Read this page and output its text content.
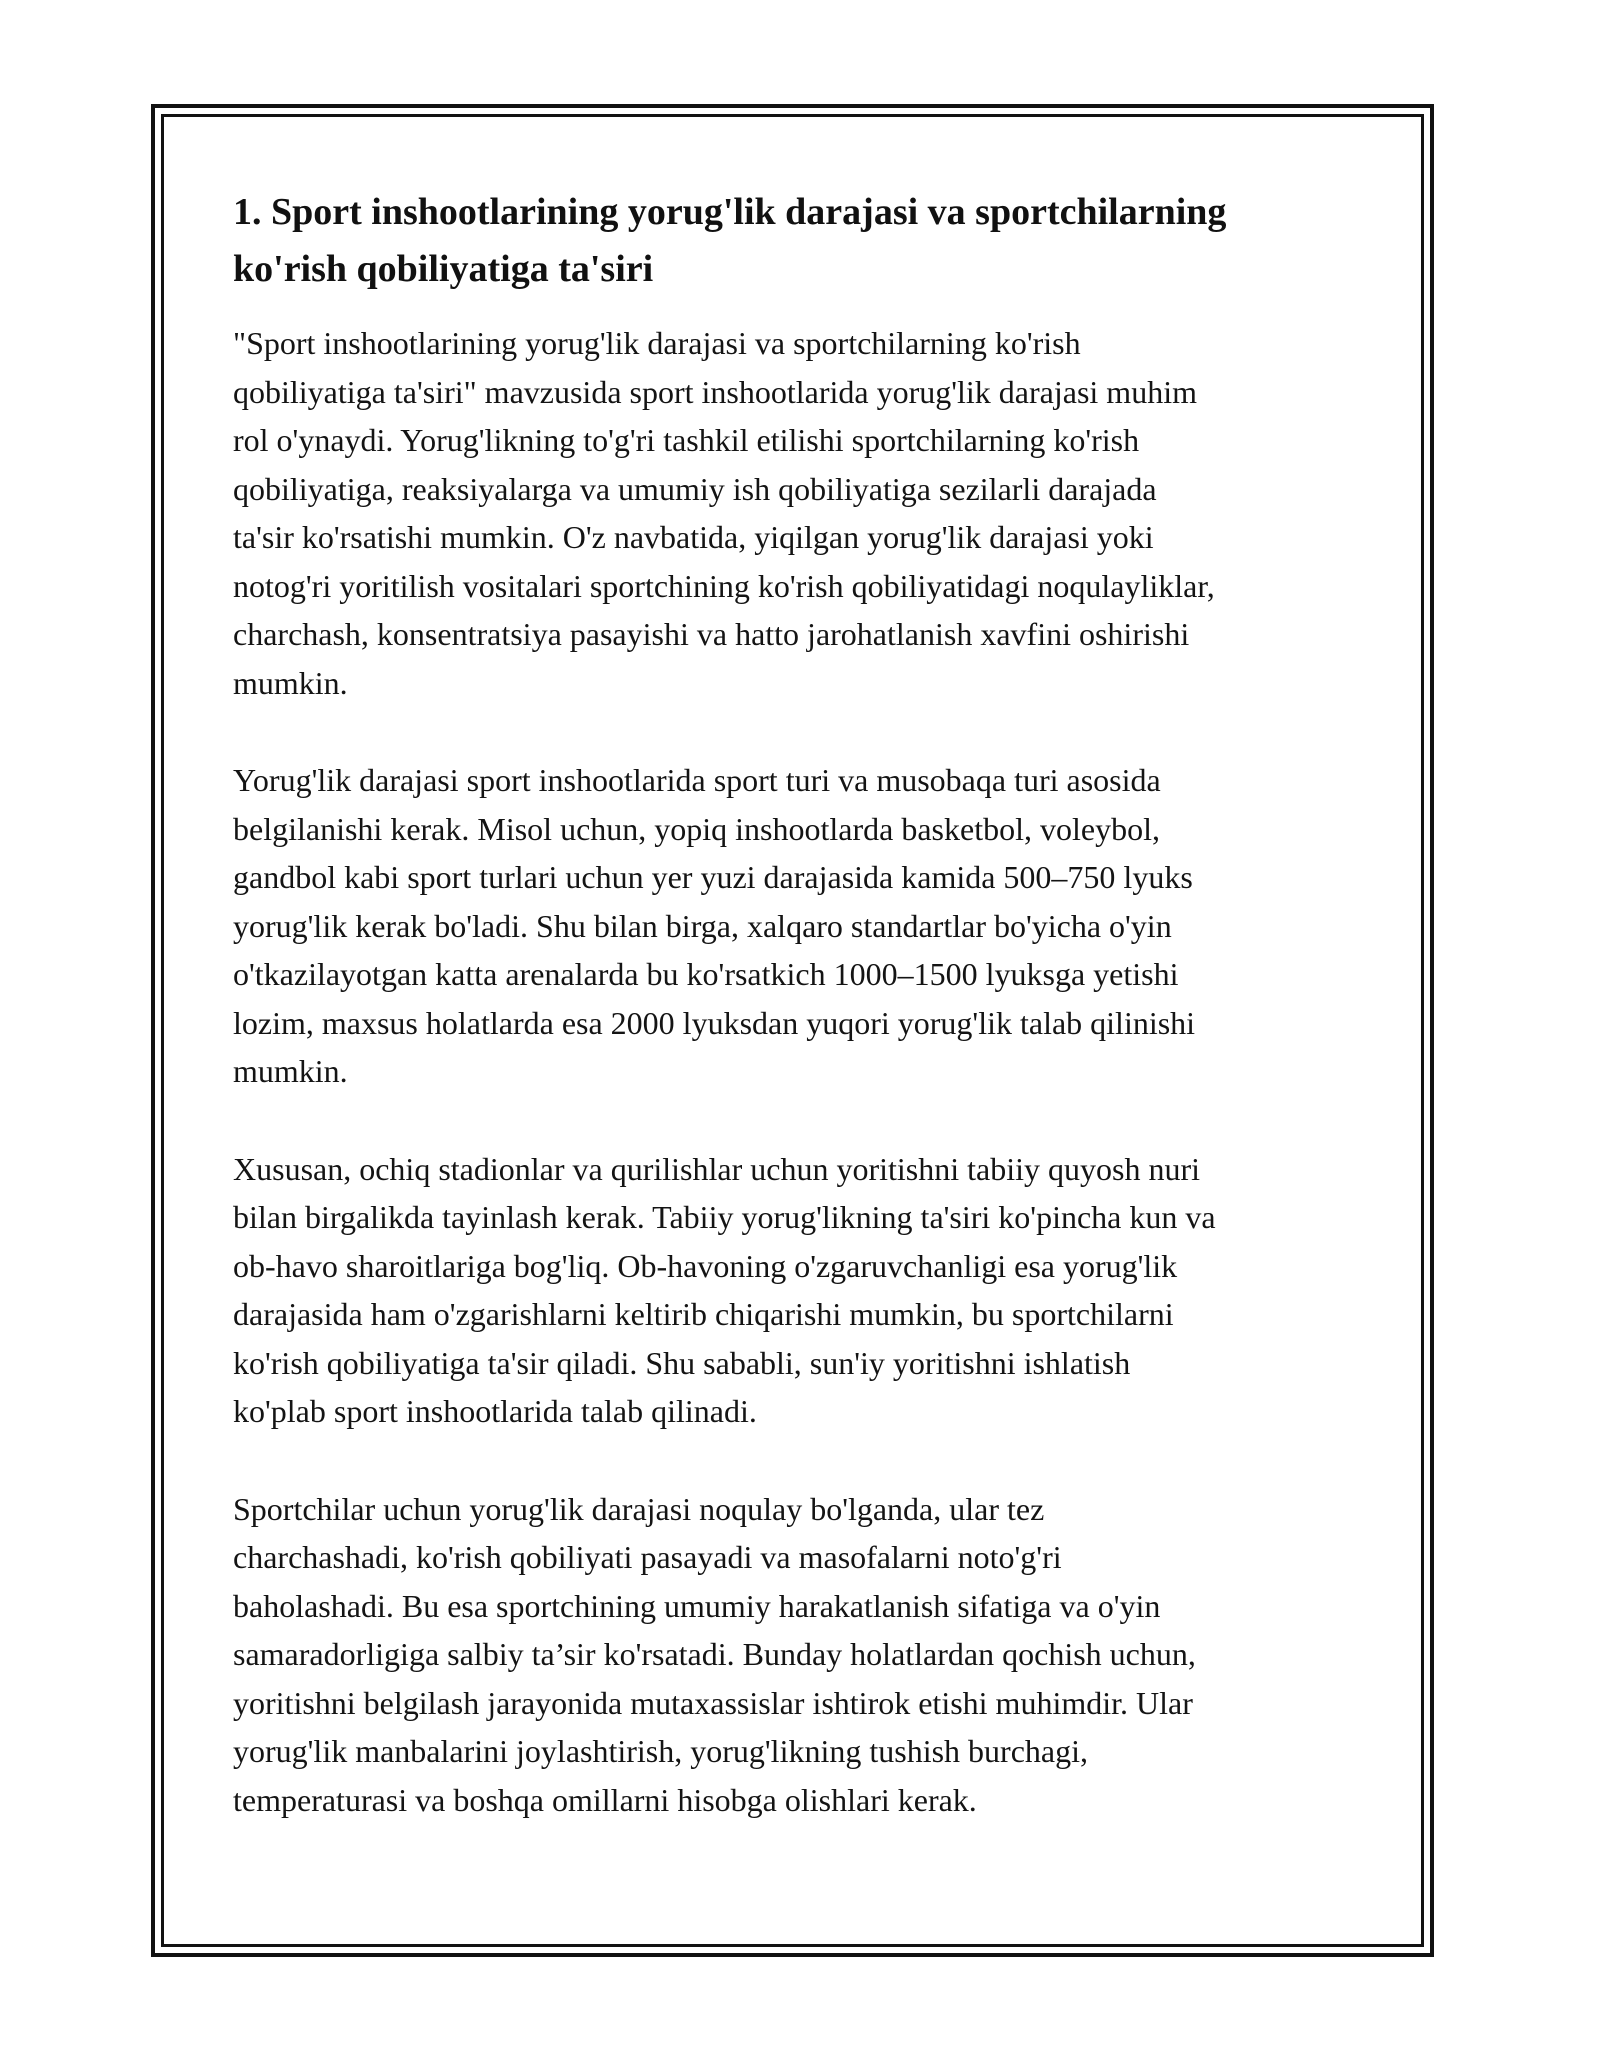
1. Sport inshootlarining yorug'lik darajasi va sportchilarning
ko'rish qobiliyatiga ta'siri

"Sport inshootlarining yorug'lik darajasi va sportchilarning ko'rish
qobiliyatiga ta'siri" mavzusida sport inshootlarida yorug'lik darajasi muhim
rol o'ynaydi. Yorug'likning to'g'ri tashkil etilishi sportchilarning ko'rish
qobiliyatiga, reaksiyalarga va umumiy ish qobiliyatiga sezilarli darajada
ta'sir ko'rsatishi mumkin. O'z navbatida, yiqilgan yorug'lik darajasi yoki
notog'ri yoritilish vositalari sportchining ko'rish qobiliyatidagi noqulayliklar,
charchash, konsentratsiya pasayishi va hatto jarohatlanish xavfini oshirishi
mumkin.

Yorug'lik darajasi sport inshootlarida sport turi va musobaqa turi asosida
belgilanishi kerak. Misol uchun, yopiq inshootlarda basketbol, voleybol,
gandbol kabi sport turlari uchun yer yuzi darajasida kamida 500–750 lyuks
yorug'lik kerak bo'ladi. Shu bilan birga, xalqaro standartlar bo'yicha o'yin
o'tkazilayotgan katta arenalarda bu ko'rsatkich 1000–1500 lyuksga yetishi
lozim, maxsus holatlarda esa 2000 lyuksdan yuqori yorug'lik talab qilinishi
mumkin.

Xususan, ochiq stadionlar va qurilishlar uchun yoritishni tabiiy quyosh nuri
bilan birgalikda tayinlash kerak. Tabiiy yorug'likning ta'siri ko'pincha kun va
ob-havo sharoitlariga bog'liq. Ob-havoning o'zgaruvchanligi esa yorug'lik
darajasida ham o'zgarishlarni keltirib chiqarishi mumkin, bu sportchilarni
ko'rish qobiliyatiga ta'sir qiladi. Shu sababli, sun'iy yoritishni ishlatish
ko'plab sport inshootlarida talab qilinadi.

Sportchilar uchun yorug'lik darajasi noqulay bo'lganda, ular tez
charchashadi, ko'rish qobiliyati pasayadi va masofalarni noto'g'ri
baholashadi. Bu esa sportchining umumiy harakatlanish sifatiga va o'yin
samaradorligiga salbiy ta’sir ko'rsatadi. Bunday holatlardan qochish uchun,
yoritishni belgilash jarayonida mutaxassislar ishtirok etishi muhimdir. Ular
yorug'lik manbalarini joylashtirish, yorug'likning tushish burchagi,
temperaturasi va boshqa omillarni hisobga olishlari kerak.
